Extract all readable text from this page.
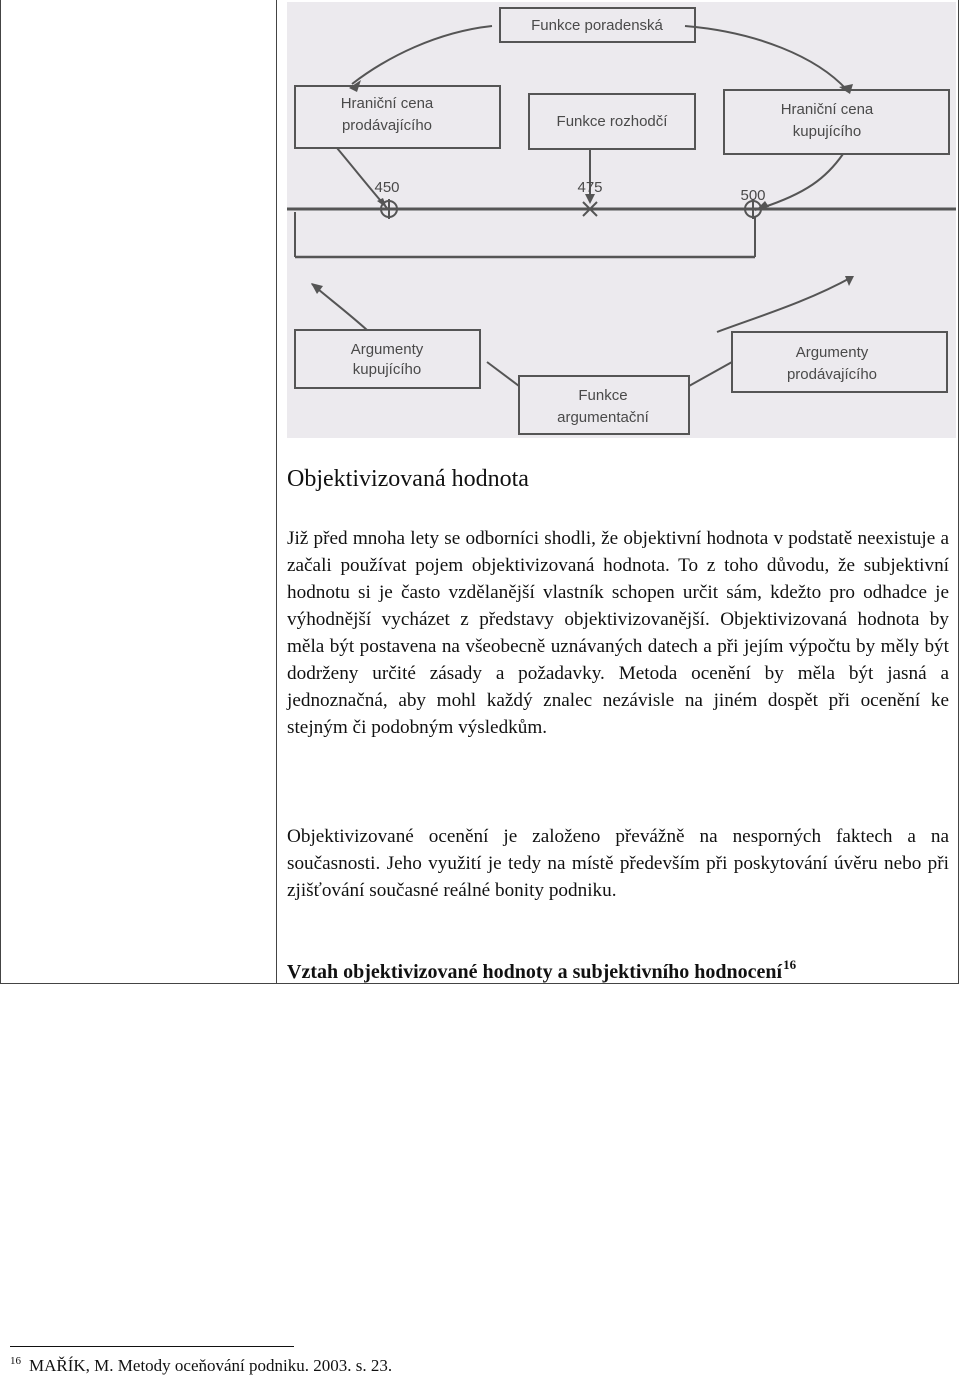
Funkce poradenská
Hraniční cena
prodávajícího	Funkce rozhodčí
Hraniční cena
kupujícího
450	475	500
Argumenty
kupujícího
Argumenty
prodávajícího
Funkce
argumentační
Objektivizovaná hodnota

Již před mnoha lety se odborníci shodli, že objektivní hodnota v podstatě neexistuje a začali používat pojem objektivizovaná hodnota. To z toho důvodu, že subjektivní hodnotu si je často vzdělanější vlastník schopen určit sám, kdežto pro odhadce je výhodnější vycházet z představy objektivizovanější. Objektivizovaná hodnota by měla být postavena na všeobecně uznávaných datech a při jejím výpočtu by měly být dodrženy určité zásady a požadavky. Metoda ocenění by měla být jasná a jednoznačná, aby mohl každý znalec nezávisle na jiném dospět při ocenění ke stejným či podobným výsledkům.

Objektivizované ocenění je založeno převážně na nesporných faktech a na současnosti. Jeho využití je tedy na místě především při poskytování úvěru nebo při zjišťování současné reálné bonity podniku.

Vztah objektivizované hodnoty a subjektivního hodnocení$^{16}$

$^{16}$ MAŘÍK, M. Metody oceňování podniku. 2003. s. 23.
